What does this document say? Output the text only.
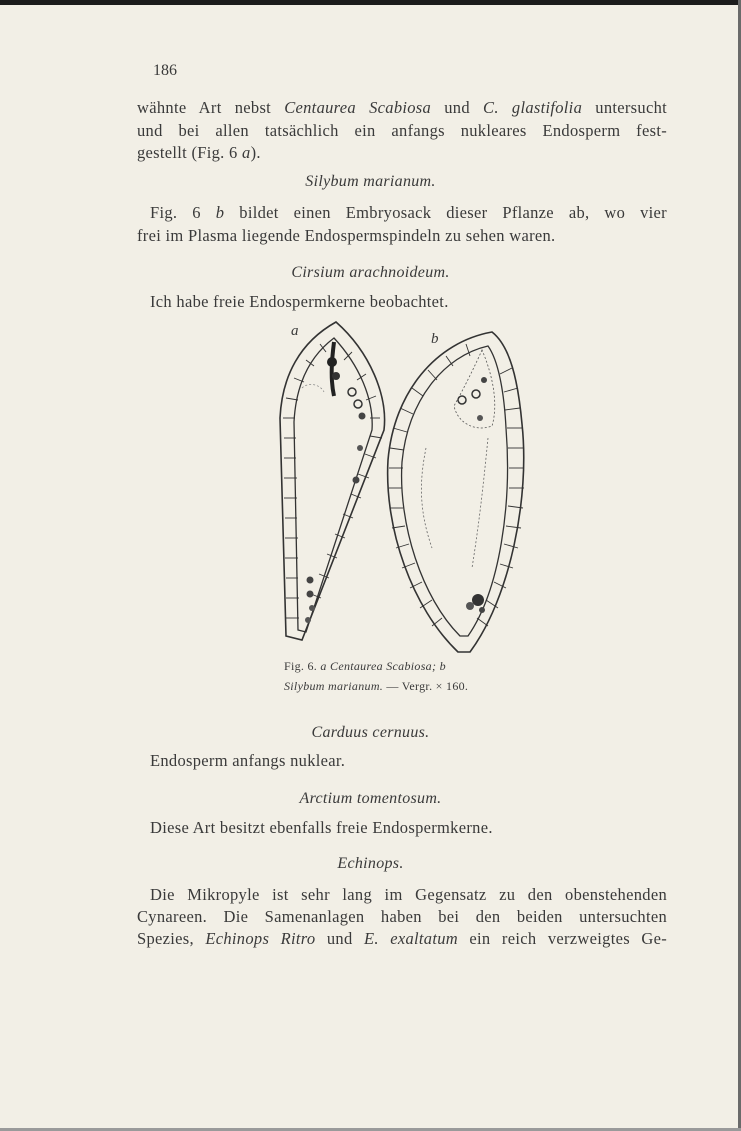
186
wähnte Art nebst Centaurea Scabiosa und C. glastifolia untersucht
und bei allen tatsächlich ein anfangs nukleares Endosperm fest-
gestellt (Fig. 6 a).
Silybum marianum.
Fig. 6 b bildet einen Embryosack dieser Pflanze ab, wo vier
frei im Plasma liegende Endospermspindeln zu sehen waren.
Cirsium arachnoideum.
Ich habe freie Endospermkerne beobachtet.
a	b
Fig. 6. a Centaurea Scabiosa; b
Silybum marianum. — Vergr. × 160.
Carduus cernuus.
Endosperm anfangs nuklear.
Arctium tomentosum.
Diese Art besitzt ebenfalls freie Endospermkerne.
Echinops.
Die Mikropyle ist sehr lang im Gegensatz zu den obenstehenden
Cynareen. Die Samenanlagen haben bei den beiden untersuchten
Spezies, Echinops Ritro und E. exaltatum ein reich verzweigtes Ge-
